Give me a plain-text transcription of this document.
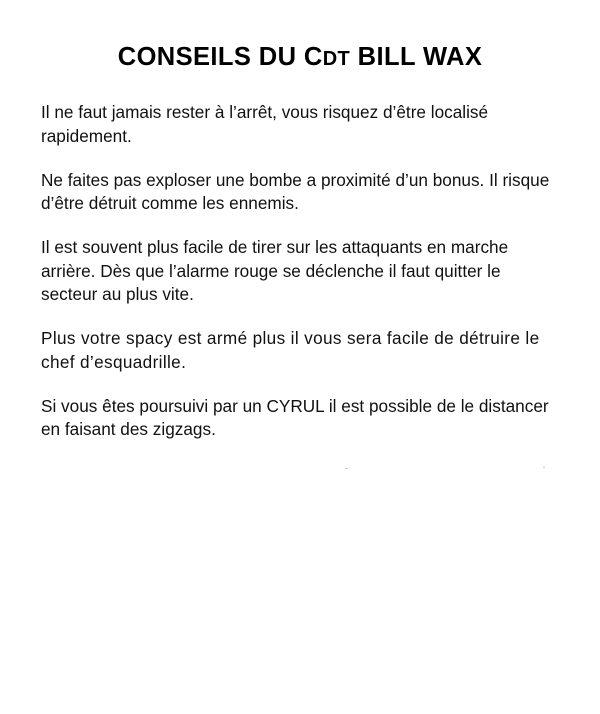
CONSEILS DU CDT BILL WAX

Il ne faut jamais rester à l’arrêt, vous risquez d’être localisé rapidement.

Ne faites pas exploser une bombe a proximité d’un bonus. Il risque d’être détruit comme les ennemis.

Il est souvent plus facile de tirer sur les attaquants en marche arrière. Dès que l’alarme rouge se déclenche il faut quitter le secteur au plus vite.

Plus votre spacy est armé plus il vous sera facile de détruire le chef d’esquadrille.

Si vous êtes poursuivi par un CYRUL il est possible de le distancer en faisant des zigzags.
